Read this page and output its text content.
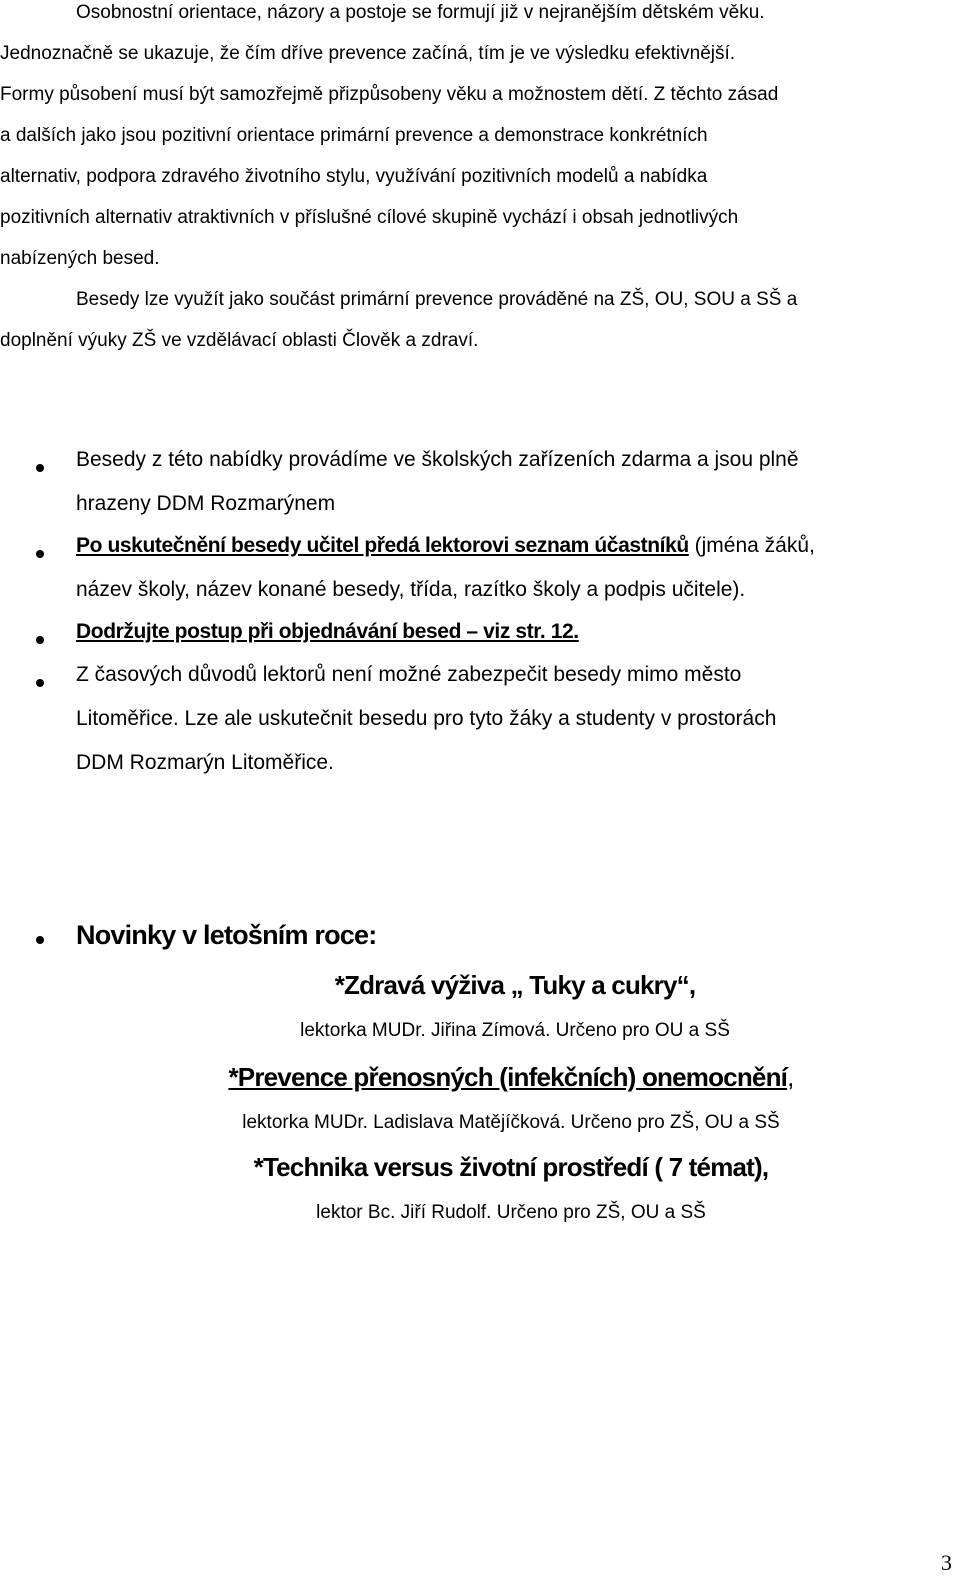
Osobnostní orientace, názory a postoje se formují již v nejranějším dětském věku.
Jednoznačně se ukazuje, že čím dříve prevence začíná, tím je ve výsledku efektivnější.
Formy působení musí být samozřejmě přizpůsobeny věku a možnostem dětí. Z těchto zásad
a dalších jako jsou pozitivní orientace primární prevence a demonstrace konkrétních
alternativ, podpora zdravého životního stylu, využívání pozitivních modelů a nabídka
pozitivních alternativ atraktivních v příslušné cílové skupině vychází i obsah jednotlivých
nabízených besed.
Besedy lze využít jako součást primární prevence prováděné na ZŠ, OU, SOU a SŠ a
doplnění výuky ZŠ ve vzdělávací oblasti Člověk a zdraví.
Besedy z této nabídky provádíme ve školských zařízeních zdarma a jsou plně
hrazeny DDM Rozmarýnem
Po uskutečnění besedy učitel předá lektorovi seznam účastníků (jména žáků,
název školy, název konané besedy, třída, razítko školy a podpis učitele).
Dodržujte postup při objednávání besed – viz str. 12.
Z časových důvodů lektorů není možné zabezpečit besedy mimo město
Litoměřice. Lze ale uskutečnit besedu pro tyto žáky a studenty v prostorách
DDM Rozmarýn Litoměřice.
Novinky v letošním roce:
*Zdravá výživa „ Tuky a cukry“,
lektorka MUDr. Jiřina Zímová. Určeno pro OU a SŠ
*Prevence přenosných (infekčních) onemocnění,
lektorka MUDr. Ladislava Matějíčková. Určeno pro ZŠ, OU a SŠ
*Technika versus životní prostředí ( 7 témat),
lektor Bc. Jiří Rudolf. Určeno pro ZŠ, OU a SŠ
3
